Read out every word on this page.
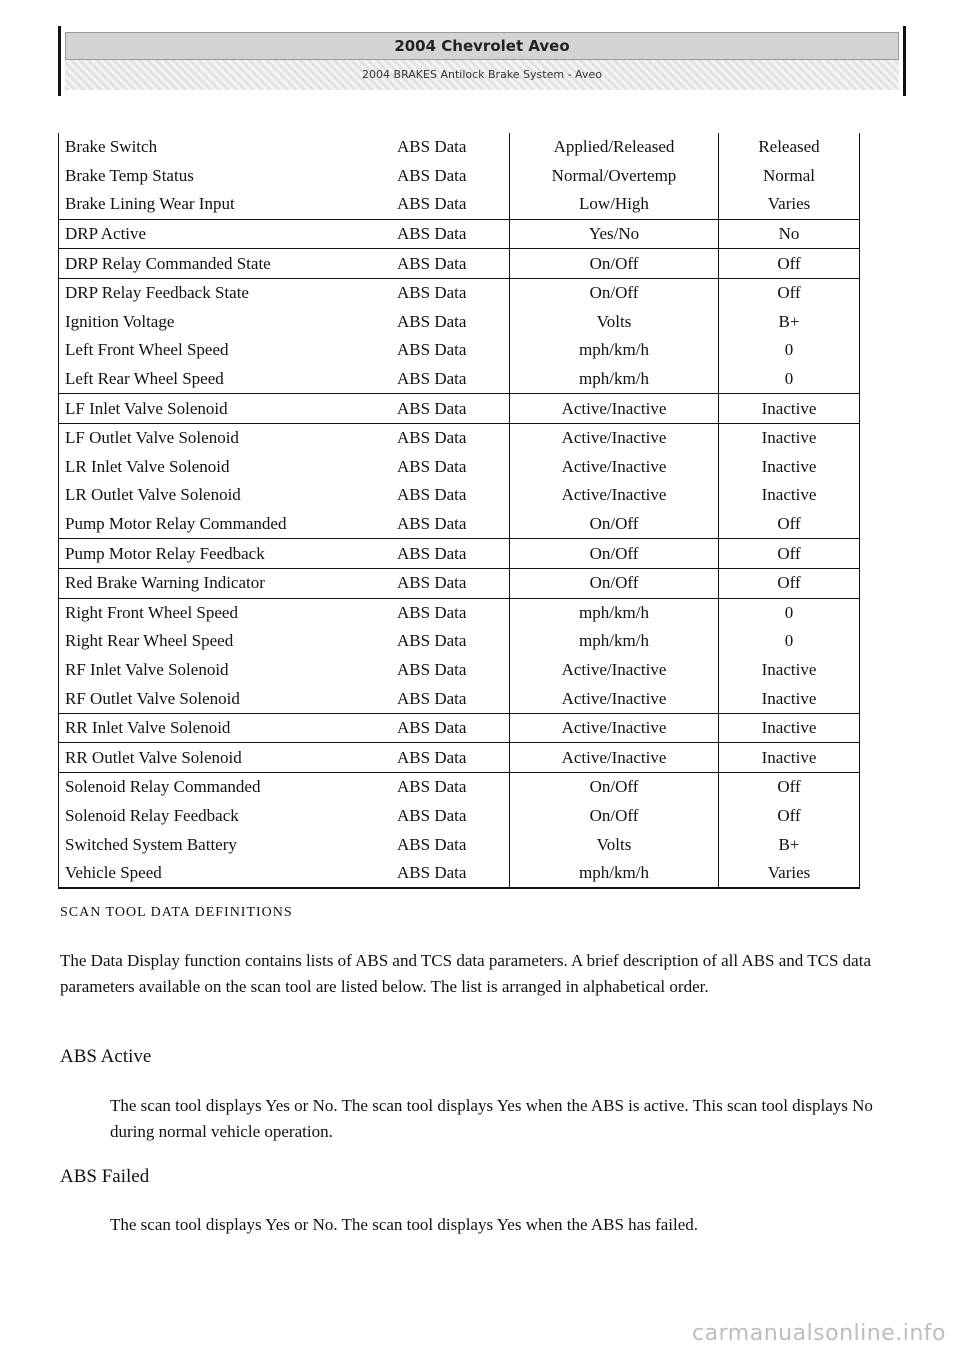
2004 Chevrolet Aveo
2004 BRAKES Antilock Brake System - Aveo
Brake Switch	ABS Data	Applied/Released	Released
Brake Temp Status	ABS Data	Normal/Overtemp	Normal
Brake Lining Wear Input	ABS Data	Low/High	Varies
DRP Active	ABS Data	Yes/No	No
DRP Relay Commanded State	ABS Data	On/Off	Off
DRP Relay Feedback State	ABS Data	On/Off	Off
Ignition Voltage	ABS Data	Volts	B+
Left Front Wheel Speed	ABS Data	mph/km/h	0
Left Rear Wheel Speed	ABS Data	mph/km/h	0
LF Inlet Valve Solenoid	ABS Data	Active/Inactive	Inactive
LF Outlet Valve Solenoid	ABS Data	Active/Inactive	Inactive
LR Inlet Valve Solenoid	ABS Data	Active/Inactive	Inactive
LR Outlet Valve Solenoid	ABS Data	Active/Inactive	Inactive
Pump Motor Relay Commanded	ABS Data	On/Off	Off
Pump Motor Relay Feedback	ABS Data	On/Off	Off
Red Brake Warning Indicator	ABS Data	On/Off	Off
Right Front Wheel Speed	ABS Data	mph/km/h	0
Right Rear Wheel Speed	ABS Data	mph/km/h	0
RF Inlet Valve Solenoid	ABS Data	Active/Inactive	Inactive
RF Outlet Valve Solenoid	ABS Data	Active/Inactive	Inactive
RR Inlet Valve Solenoid	ABS Data	Active/Inactive	Inactive
RR Outlet Valve Solenoid	ABS Data	Active/Inactive	Inactive
Solenoid Relay Commanded	ABS Data	On/Off	Off
Solenoid Relay Feedback	ABS Data	On/Off	Off
Switched System Battery	ABS Data	Volts	B+
Vehicle Speed	ABS Data	mph/km/h	Varies
SCAN TOOL DATA DEFINITIONS
The Data Display function contains lists of ABS and TCS data parameters. A brief description of all ABS and TCS data parameters available on the scan tool are listed below. The list is arranged in alphabetical order.
ABS Active
The scan tool displays Yes or No. The scan tool displays Yes when the ABS is active. This scan tool displays No during normal vehicle operation.
ABS Failed
The scan tool displays Yes or No. The scan tool displays Yes when the ABS has failed.
carmanualsonline.info
